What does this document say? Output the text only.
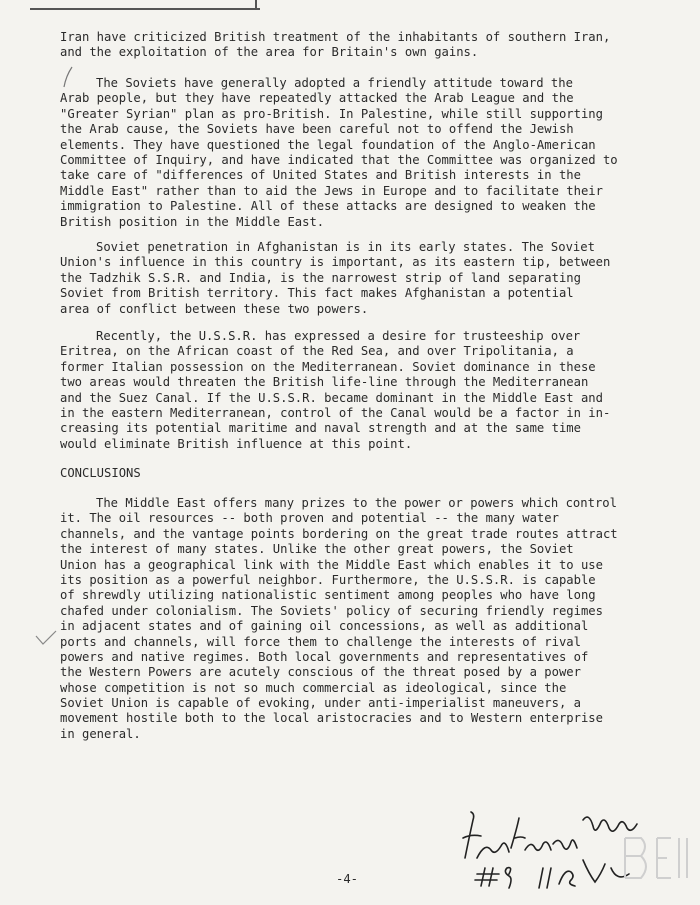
Iran have criticized British treatment of the inhabitants of southern Iran,
and the exploitation of the area for Britain's own gains.
The Soviets have generally adopted a friendly attitude toward the
Arab people, but they have repeatedly attacked the Arab League and the
"Greater Syrian" plan as pro-British. In Palestine, while still supporting
the Arab cause, the Soviets have been careful not to offend the Jewish
elements. They have questioned the legal foundation of the Anglo-American
Committee of Inquiry, and have indicated that the Committee was organized to
take care of "differences of United States and British interests in the
Middle East" rather than to aid the Jews in Europe and to facilitate their
immigration to Palestine. All of these attacks are designed to weaken the
British position in the Middle East.
Soviet penetration in Afghanistan is in its early states. The Soviet
Union's influence in this country is important, as its eastern tip, between
the Tadzhik S.S.R. and India, is the narrowest strip of land separating
Soviet from British territory. This fact makes Afghanistan a potential
area of conflict between these two powers.
Recently, the U.S.S.R. has expressed a desire for trusteeship over
Eritrea, on the African coast of the Red Sea, and over Tripolitania, a
former Italian possession on the Mediterranean. Soviet dominance in these
two areas would threaten the British life-line through the Mediterranean
and the Suez Canal. If the U.S.S.R. became dominant in the Middle East and
in the eastern Mediterranean, control of the Canal would be a factor in in-
creasing its potential maritime and naval strength and at the same time
would eliminate British influence at this point.
The Middle East offers many prizes to the power or powers which control
it. The oil resources -- both proven and potential -- the many water
channels, and the vantage points bordering on the great trade routes attract
the interest of many states. Unlike the other great powers, the Soviet
Union has a geographical link with the Middle East which enables it to use
its position as a powerful neighbor. Furthermore, the U.S.S.R. is capable
of shrewdly utilizing nationalistic sentiment among peoples who have long
chafed under colonialism. The Soviets' policy of securing friendly regimes
in adjacent states and of gaining oil concessions, as well as additional
ports and channels, will force them to challenge the interests of rival
powers and native regimes. Both local governments and representatives of
the Western Powers are acutely conscious of the threat posed by a power
whose competition is not so much commercial as ideological, since the
Soviet Union is capable of evoking, under anti-imperialist maneuvers, a
movement hostile both to the local aristocracies and to Western enterprise
in general.
CONCLUSIONS
-4-
